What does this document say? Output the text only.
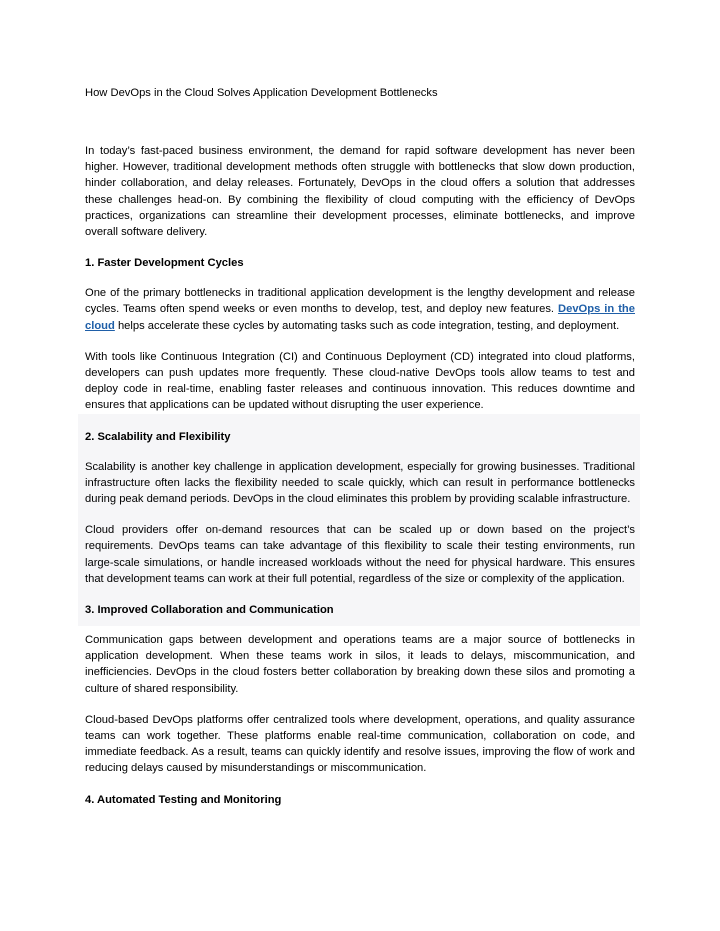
How DevOps in the Cloud Solves Application Development Bottlenecks

In today’s fast-paced business environment, the demand for rapid software development has never been higher. However, traditional development methods often struggle with bottlenecks that slow down production, hinder collaboration, and delay releases. Fortunately, DevOps in the cloud offers a solution that addresses these challenges head-on. By combining the flexibility of cloud computing with the efficiency of DevOps practices, organizations can streamline their development processes, eliminate bottlenecks, and improve overall software delivery.

1. Faster Development Cycles

One of the primary bottlenecks in traditional application development is the lengthy development and release cycles. Teams often spend weeks or even months to develop, test, and deploy new features. DevOps in the cloud helps accelerate these cycles by automating tasks such as code integration, testing, and deployment.

With tools like Continuous Integration (CI) and Continuous Deployment (CD) integrated into cloud platforms, developers can push updates more frequently. These cloud-native DevOps tools allow teams to test and deploy code in real-time, enabling faster releases and continuous innovation. This reduces downtime and ensures that applications can be updated without disrupting the user experience.

2. Scalability and Flexibility

Scalability is another key challenge in application development, especially for growing businesses. Traditional infrastructure often lacks the flexibility needed to scale quickly, which can result in performance bottlenecks during peak demand periods. DevOps in the cloud eliminates this problem by providing scalable infrastructure.

Cloud providers offer on-demand resources that can be scaled up or down based on the project’s requirements. DevOps teams can take advantage of this flexibility to scale their testing environments, run large-scale simulations, or handle increased workloads without the need for physical hardware. This ensures that development teams can work at their full potential, regardless of the size or complexity of the application.

3. Improved Collaboration and Communication

Communication gaps between development and operations teams are a major source of bottlenecks in application development. When these teams work in silos, it leads to delays, miscommunication, and inefficiencies. DevOps in the cloud fosters better collaboration by breaking down these silos and promoting a culture of shared responsibility.

Cloud-based DevOps platforms offer centralized tools where development, operations, and quality assurance teams can work together. These platforms enable real-time communication, collaboration on code, and immediate feedback. As a result, teams can quickly identify and resolve issues, improving the flow of work and reducing delays caused by misunderstandings or miscommunication.

4. Automated Testing and Monitoring
